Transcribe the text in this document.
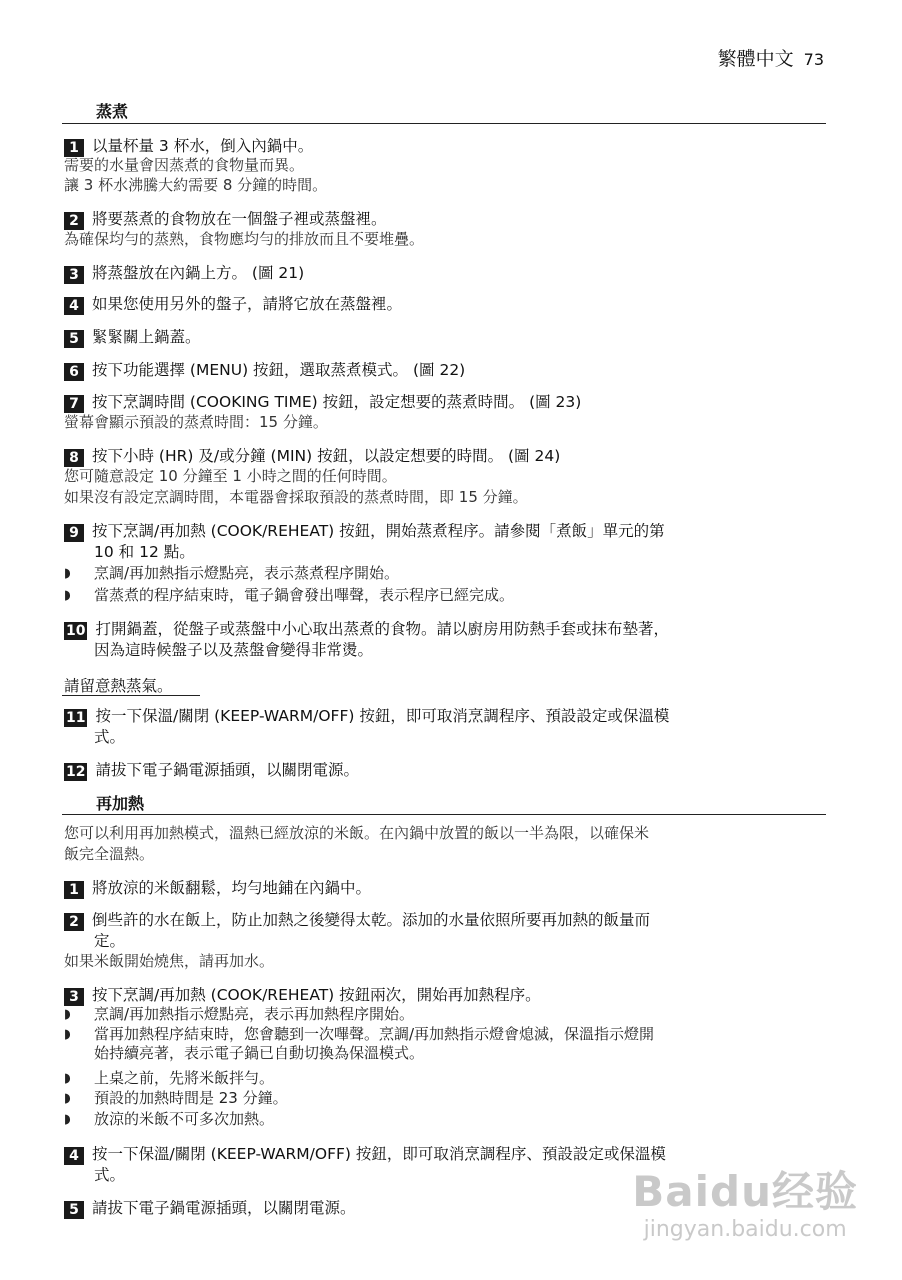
繁體中文 73
蒸煮
1 以量杯量 3 杯水，倒入內鍋中。
需要的水量會因蒸煮的食物量而異。
讓 3 杯水沸騰大約需要 8 分鐘的時間。
2 將要蒸煮的食物放在一個盤子裡或蒸盤裡。
為確保均勻的蒸熟，食物應均勻的排放而且不要堆疊。
3 將蒸盤放在內鍋上方。 (圖 21)
4 如果您使用另外的盤子，請將它放在蒸盤裡。
5 緊緊關上鍋蓋。
6 按下功能選擇 (MENU) 按鈕，選取蒸煮模式。 (圖 22)
7 按下烹調時間 (COOKING TIME) 按鈕，設定想要的蒸煮時間。 (圖 23)
螢幕會顯示預設的蒸煮時間：15 分鐘。
8 按下小時 (HR) 及/或分鐘 (MIN) 按鈕，以設定想要的時間。 (圖 24)
您可隨意設定 10 分鐘至 1 小時之間的任何時間。
如果沒有設定烹調時間，本電器會採取預設的蒸煮時間，即 15 分鐘。
9 按下烹調/再加熱 (COOK/REHEAT) 按鈕，開始蒸煮程序。請參閱「煮飯」單元的第
10 和 12 點。
◗	烹調/再加熱指示燈點亮，表示蒸煮程序開始。
◗	當蒸煮的程序結束時，電子鍋會發出嗶聲，表示程序已經完成。
10 打開鍋蓋，從盤子或蒸盤中小心取出蒸煮的食物。請以廚房用防熱手套或抹布墊著，
因為這時候盤子以及蒸盤會變得非常燙。
請留意熱蒸氣。
11 按一下保溫/關閉 (KEEP-WARM/OFF) 按鈕，即可取消烹調程序、預設設定或保溫模
式。
12 請拔下電子鍋電源插頭，以關閉電源。
再加熱
您可以利用再加熱模式，溫熱已經放涼的米飯。在內鍋中放置的飯以一半為限，以確保米
飯完全溫熱。
1 將放涼的米飯翻鬆，均勻地鋪在內鍋中。
2 倒些許的水在飯上，防止加熱之後變得太乾。添加的水量依照所要再加熱的飯量而
定。
如果米飯開始燒焦，請再加水。
3 按下烹調/再加熱 (COOK/REHEAT) 按鈕兩次，開始再加熱程序。
◗	烹調/再加熱指示燈點亮，表示再加熱程序開始。
◗	當再加熱程序結束時，您會聽到一次嗶聲。烹調/再加熱指示燈會熄滅，保溫指示燈開
始持續亮著，表示電子鍋已自動切換為保溫模式。
◗	上桌之前，先將米飯拌勻。
◗	預設的加熱時間是 23 分鐘。
◗	放涼的米飯不可多次加熱。
4 按一下保溫/關閉 (KEEP-WARM/OFF) 按鈕，即可取消烹調程序、預設設定或保溫模
式。
5 請拔下電子鍋電源插頭，以關閉電源。	Baidu经验
jingyan.baidu.com
